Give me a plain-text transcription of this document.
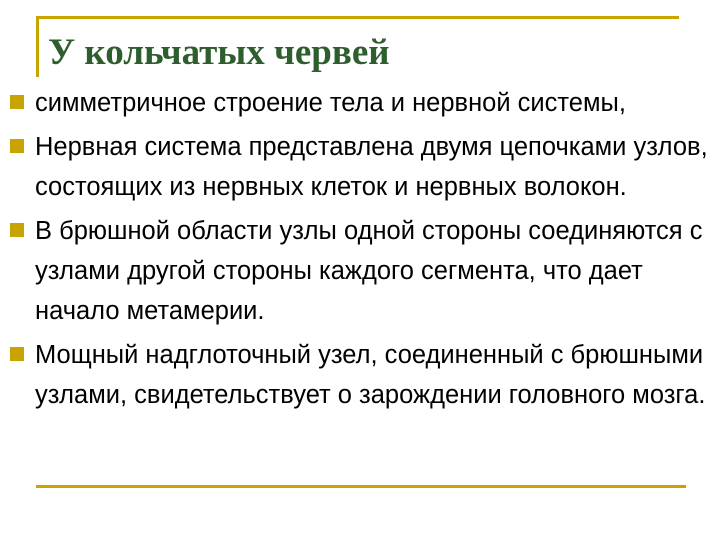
У кольчатых червей
симметричное строение тела и нервной системы,
Нервная система представлена двумя цепочками узлов, состоящих из нервных клеток и нервных волокон.
В брюшной области узлы одной стороны соединяются с узлами другой стороны каждого сегмента, что дает начало метамерии.
Мощный надглоточный узел, соединенный с брюшными узлами, свидетельствует о зарождении головного мозга.
